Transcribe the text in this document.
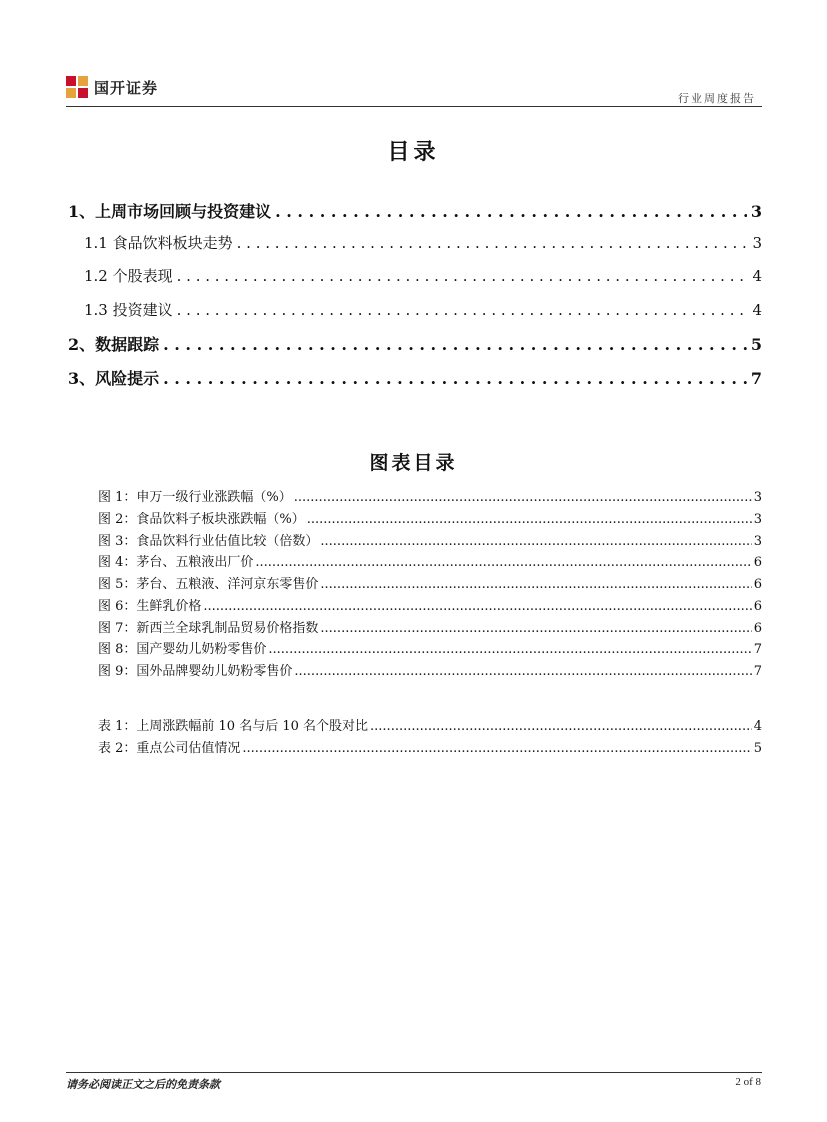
国开证券
行业周度报告
目录
1、上周市场回顾与投资建议 . . .	3
1.1 食品饮料板块走势 . . .	3
1.2 个股表现 . . .	4
1.3 投资建议 . . .	4
2、数据跟踪 . . .	5
3、风险提示 . . .	7
图表目录
图 1：申万一级行业涨跌幅（%） .....	3
图 2：食品饮料子板块涨跌幅（%） .....	3
图 3：食品饮料行业估值比较（倍数） .....	3
图 4：茅台、五粮液出厂价 .....	6
图 5：茅台、五粮液、洋河京东零售价 .....	6
图 6：生鲜乳价格 .....	6
图 7：新西兰全球乳制品贸易价格指数 .....	6
图 8：国产婴幼儿奶粉零售价 .....	7
图 9：国外品牌婴幼儿奶粉零售价 .....	7
表 1：上周涨跌幅前 10 名与后 10 名个股对比 .....	4
表 2：重点公司估值情况 .....	5
请务必阅读正文之后的免责条款	2 of 8
